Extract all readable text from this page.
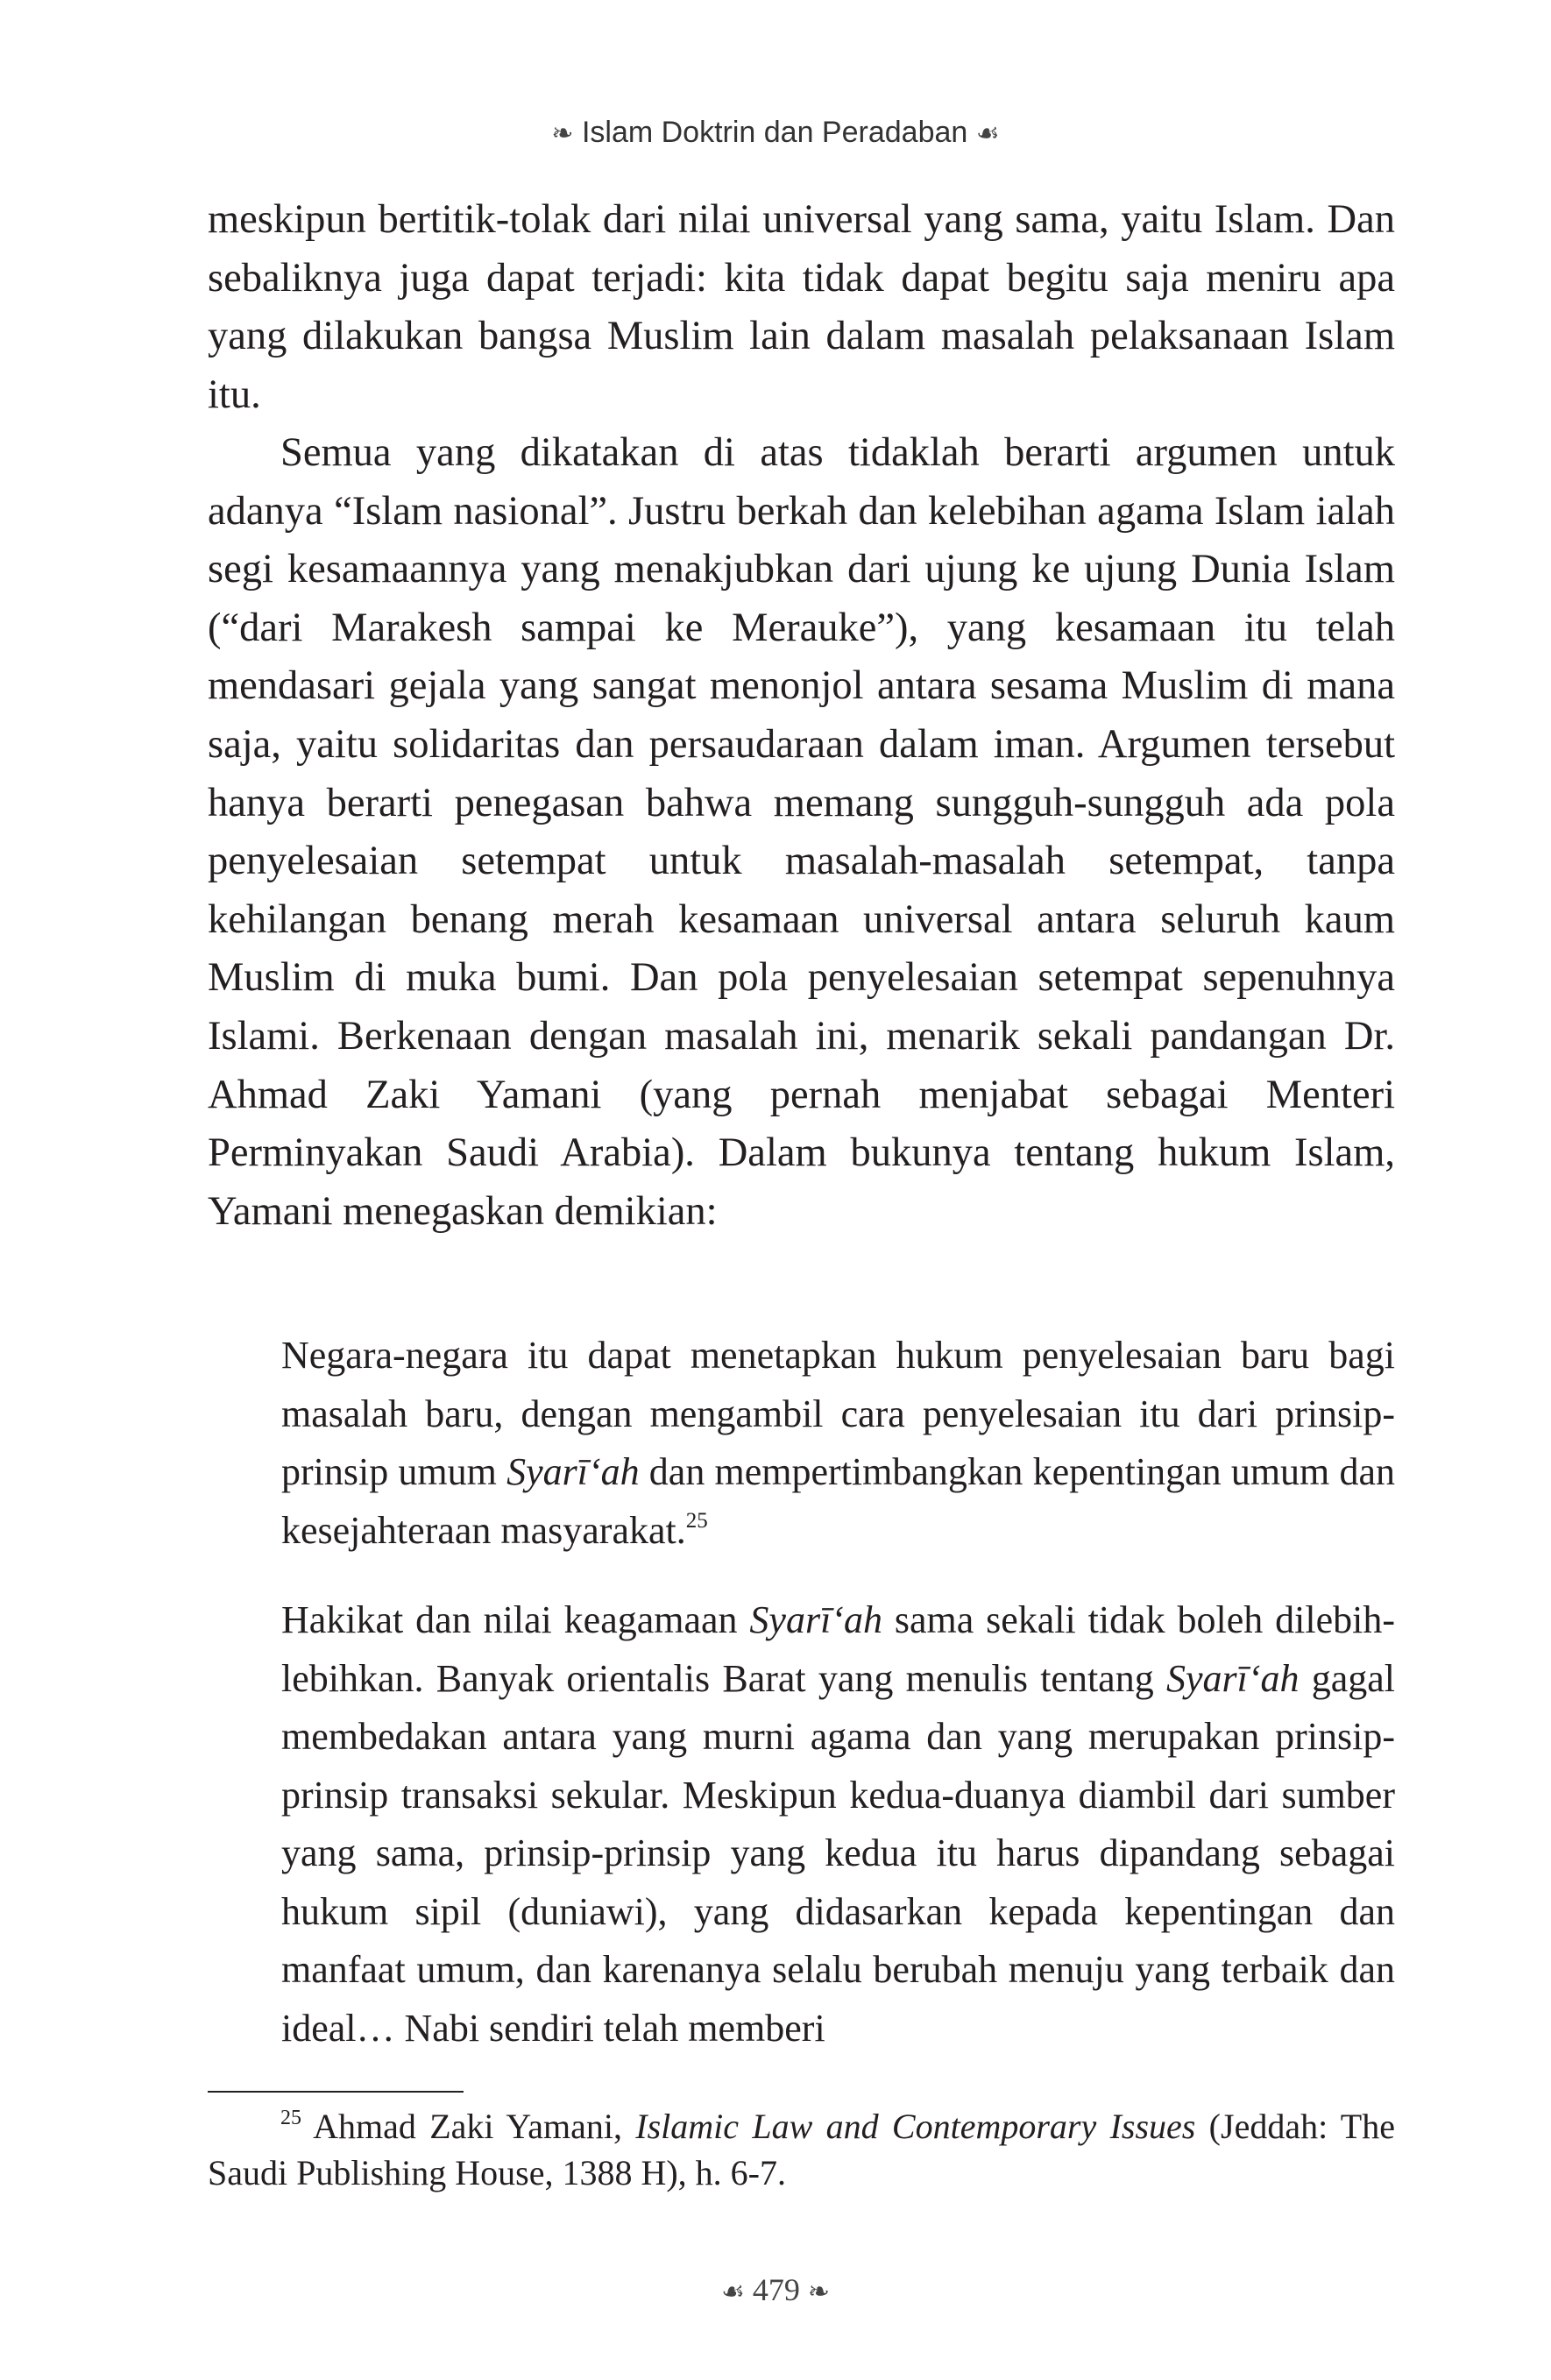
❧ Islam Doktrin dan Peradaban ☙

meskipun bertitik-tolak dari nilai universal yang sama, yaitu Islam. Dan sebaliknya juga dapat terjadi: kita tidak dapat begitu saja meniru apa yang dilakukan bangsa Muslim lain dalam masalah pelaksanaan Islam itu.

Semua yang dikatakan di atas tidaklah berarti argumen untuk adanya “Islam nasional”. Justru berkah dan kelebihan agama Islam ialah segi kesamaannya yang menakjubkan dari ujung ke ujung Dunia Islam (“dari Marakesh sampai ke Merauke”), yang kesamaan itu telah mendasari gejala yang sangat menonjol antara sesama Muslim di mana saja, yaitu solidaritas dan persaudaraan dalam iman. Argumen tersebut hanya berarti penegasan bahwa memang sungguh-sungguh ada pola penyelesaian setempat untuk masalah-masalah setempat, tanpa kehilangan benang merah kesamaan universal antara seluruh kaum Muslim di muka bumi. Dan pola penyelesaian setempat sepenuhnya Islami. Berkenaan dengan masalah ini, menarik sekali pandangan Dr. Ahmad Zaki Yamani (yang pernah menjabat sebagai Menteri Perminyakan Saudi Arabia). Dalam bukunya tentang hukum Islam, Yamani menegaskan demikian:

Negara-negara itu dapat menetapkan hukum penyelesaian baru bagi masalah baru, dengan mengambil cara penyelesaian itu dari prinsip-prinsip umum Syarī‘ah dan mempertimbangkan kepentingan umum dan kesejahteraan masyarakat.$^{25}$

Hakikat dan nilai keagamaan Syarī‘ah sama sekali tidak boleh dilebih-lebihkan. Banyak orientalis Barat yang menulis tentang Syarī‘ah gagal membedakan antara yang murni agama dan yang merupakan prinsip-prinsip transaksi sekular. Meskipun kedua-duanya diambil dari sumber yang sama, prinsip-prinsip yang kedua itu harus dipandang sebagai hukum sipil (duniawi), yang didasarkan kepada kepentingan dan manfaat umum, dan karenanya selalu berubah menuju yang terbaik dan ideal… Nabi sendiri telah memberi

$^{25}$ Ahmad Zaki Yamani, Islamic Law and Contemporary Issues (Jeddah: The Saudi Publishing House, 1388 H), h. 6-7.

☙ 479 ❧
